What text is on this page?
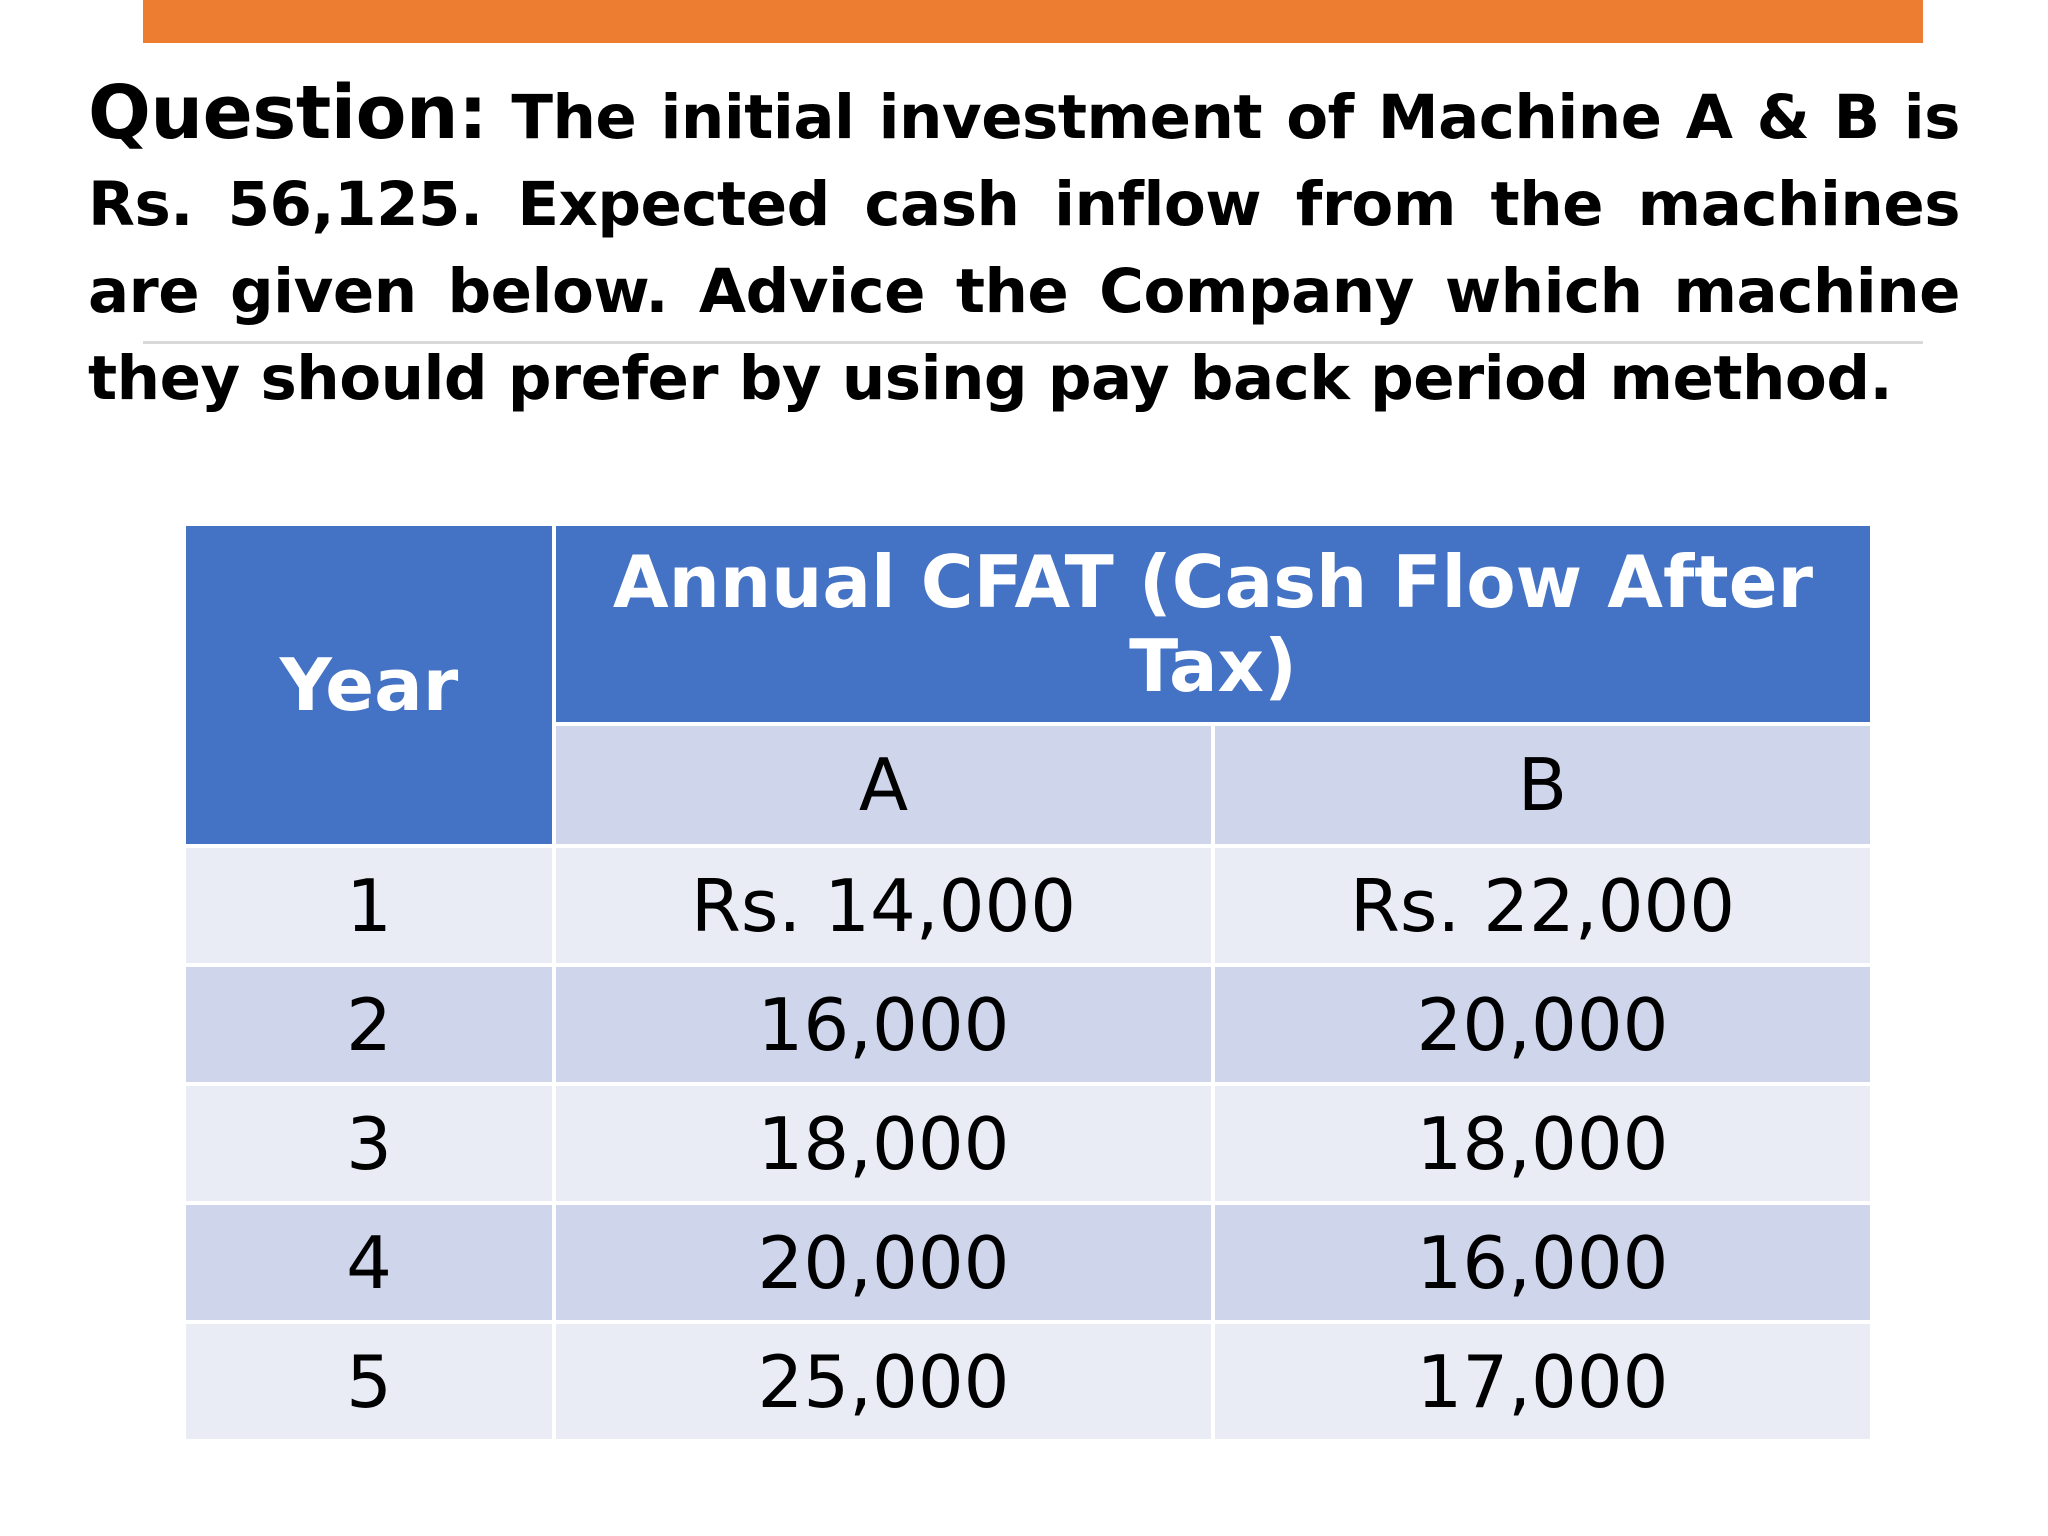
Question: The initial investment of Machine A & B is Rs. 56,125. Expected cash inflow from the machines are given below. Advice the Company which machine they should prefer by using pay back period method.
Year	Annual CFAT (Cash Flow After Tax)	
	A	B
1	Rs. 14,000	Rs. 22,000
2	16,000	20,000
3	18,000	18,000
4	20,000	16,000
5	25,000	17,000
